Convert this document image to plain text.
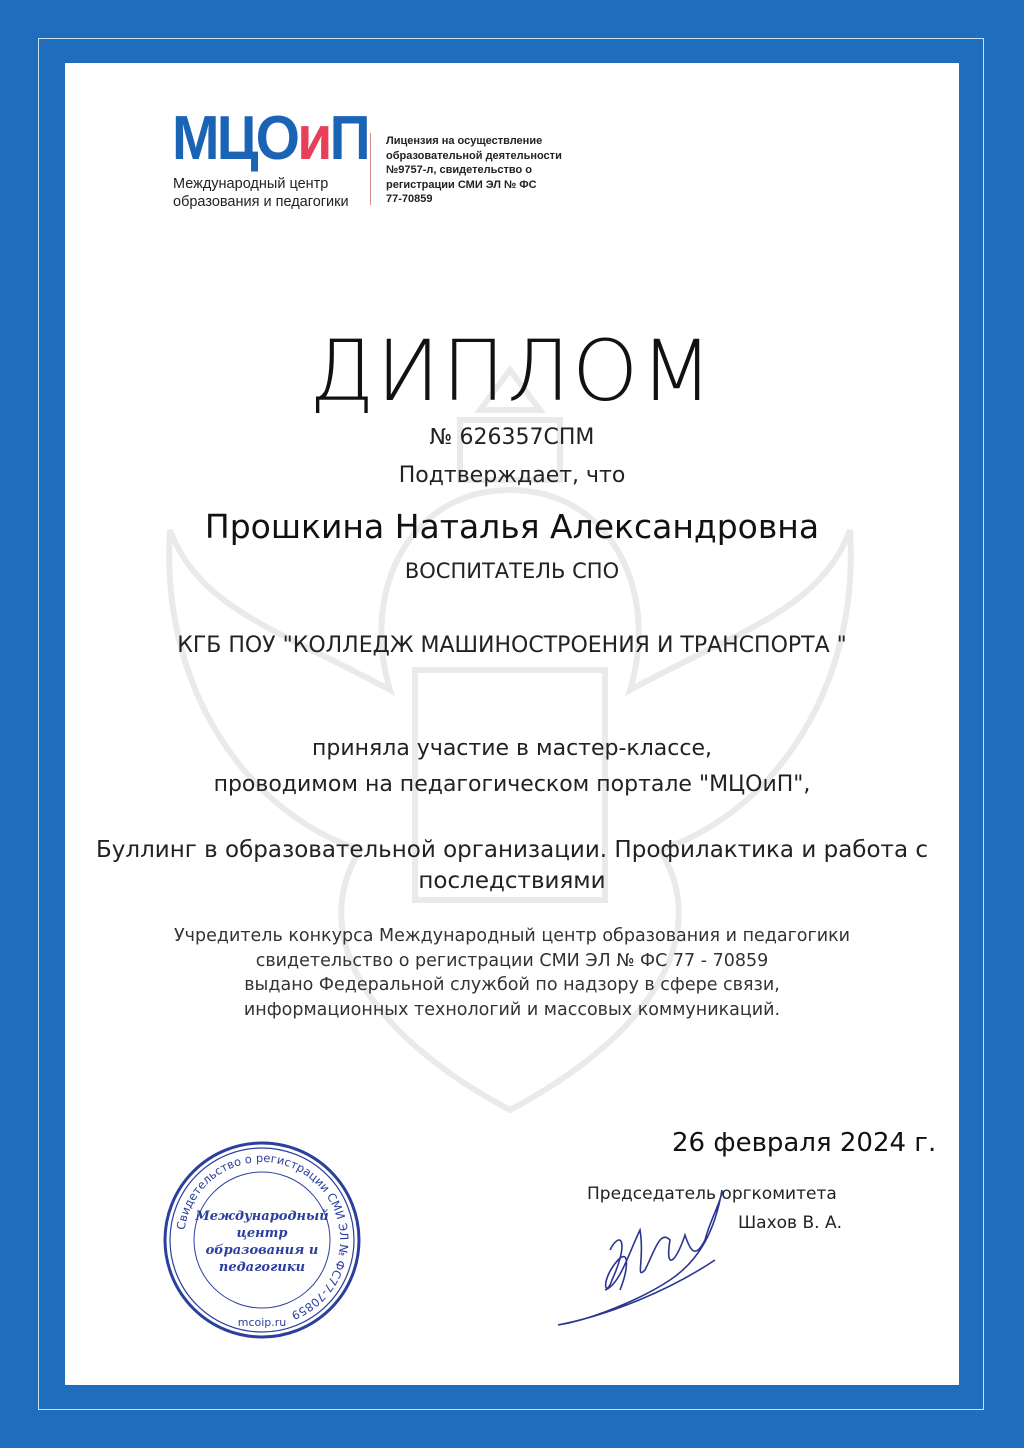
МЦОиП
Международный центр
образования и педагогики
Лицензия на осуществление
образовательной деятельности
№9757-л, свидетельство о
регистрации СМИ ЭЛ № ФС
77-70859
ДИПЛОМ
№ 626357СПМ
Подтверждает, что
Прошкина Наталья Александровна
ВОСПИТАТЕЛЬ СПО
КГБ ПОУ "КОЛЛЕДЖ МАШИНОСТРОЕНИЯ И ТРАНСПОРТА "
приняла участие в мастер-классе,
проводимом на педагогическом портале "МЦОиП",
Буллинг в образовательной организации. Профилактика и работа с
последствиями
Учредитель конкурса Международный центр образования и педагогики
свидетельство о регистрации СМИ ЭЛ № ФС 77 - 70859
выдано Федеральной службой по надзору в сфере связи,
информационных технологий и массовых коммуникаций.
26 февраля 2024 г.
Председатель оргкомитета
Шахов В. А.
Свидетельство о регистрации СМИ ЭЛ № ФС77-70859
Международный
центр
образования и
педагогики
mcoip.ru
